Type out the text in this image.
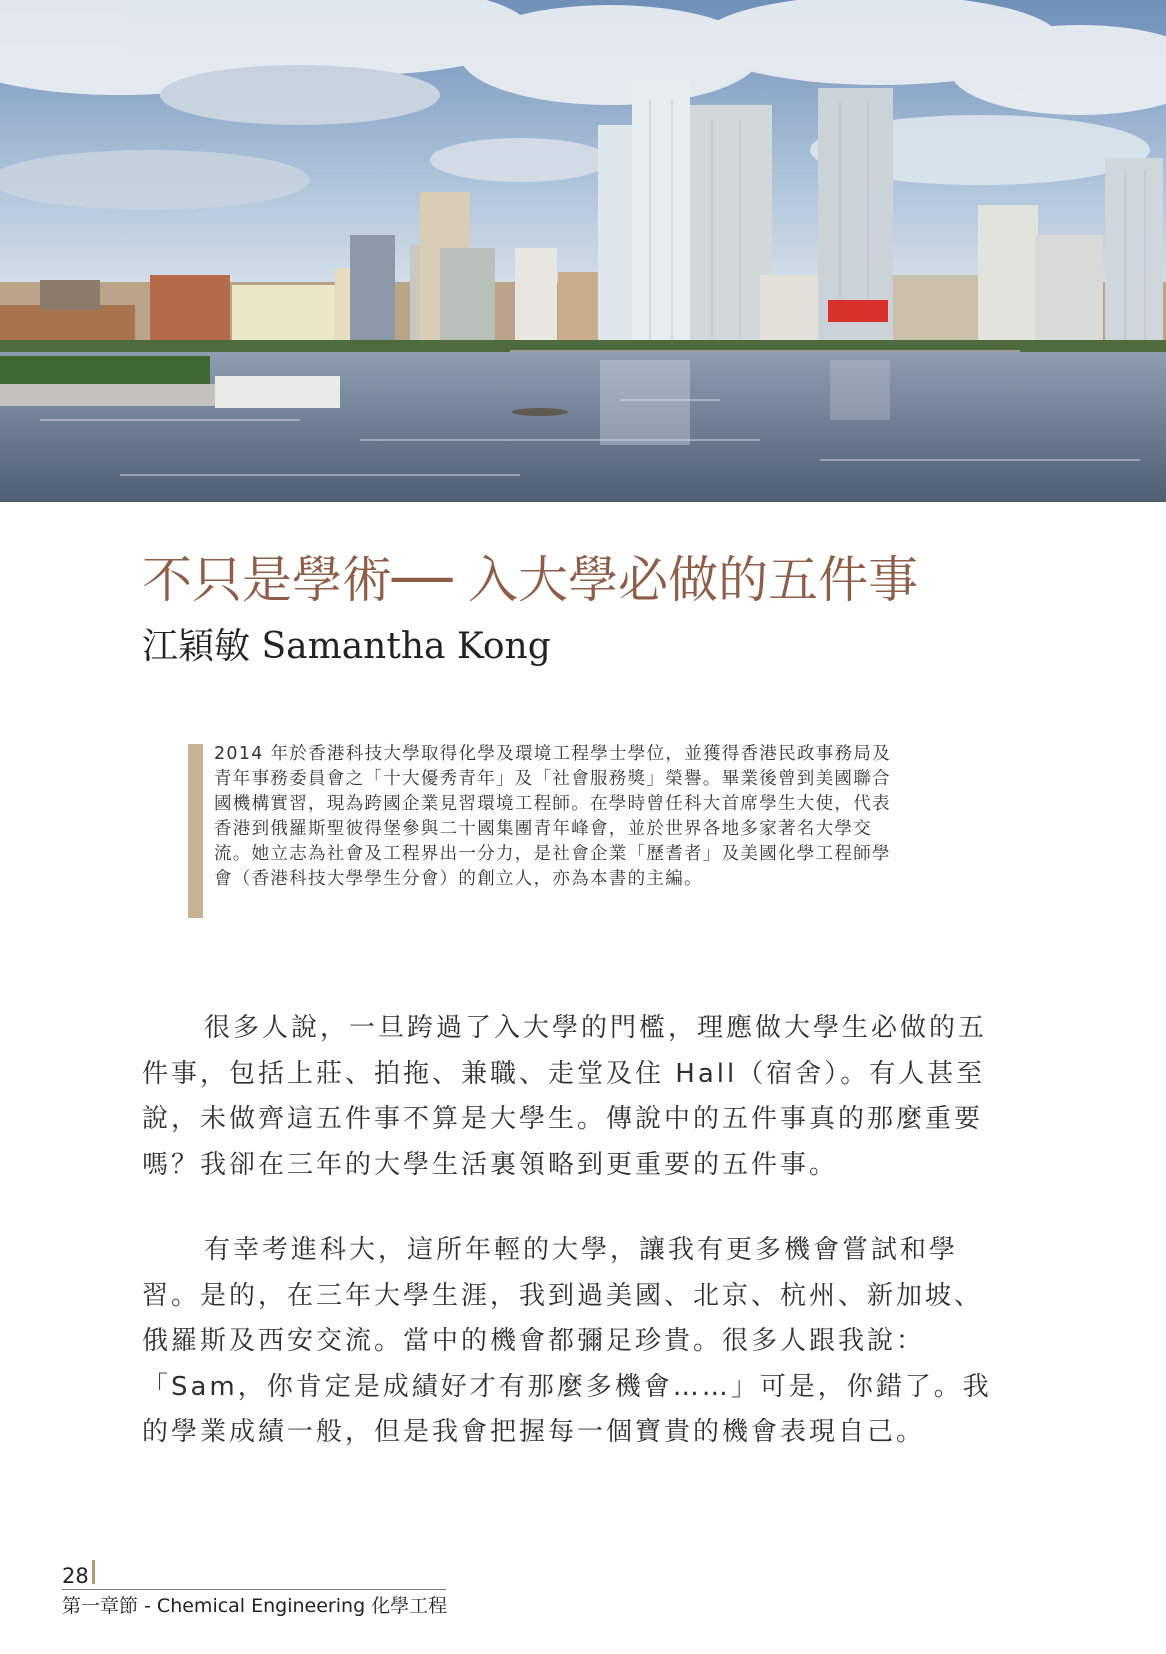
不只是學術── 入大學必做的五件事
江穎敏 Samantha Kong

2014 年於香港科技大學取得化學及環境工程學士學位，並獲得香港民政事務局及青年事務委員會之「十大優秀青年」及「社會服務獎」榮譽。畢業後曾到美國聯合國機構實習，現為跨國企業見習環境工程師。在學時曾任科大首席學生大使，代表香港到俄羅斯聖彼得堡參與二十國集團青年峰會，並於世界各地多家著名大學交流。她立志為社會及工程界出一分力，是社會企業「歷耆者」及美國化學工程師學會（香港科技大學學生分會）的創立人，亦為本書的主編。

很多人說，一旦跨過了入大學的門檻，理應做大學生必做的五件事，包括上莊、拍拖、兼職、走堂及住 Hall（宿舍）。有人甚至說，未做齊這五件事不算是大學生。傳說中的五件事真的那麼重要嗎？我卻在三年的大學生活裏領略到更重要的五件事。

有幸考進科大，這所年輕的大學，讓我有更多機會嘗試和學習。是的，在三年大學生涯，我到過美國、北京、杭州、新加坡、俄羅斯及西安交流。當中的機會都彌足珍貴。很多人跟我說：「Sam，你肯定是成績好才有那麼多機會……」可是，你錯了。我的學業成績一般，但是我會把握每一個寶貴的機會表現自己。

28
第一章節 - Chemical Engineering 化學工程
